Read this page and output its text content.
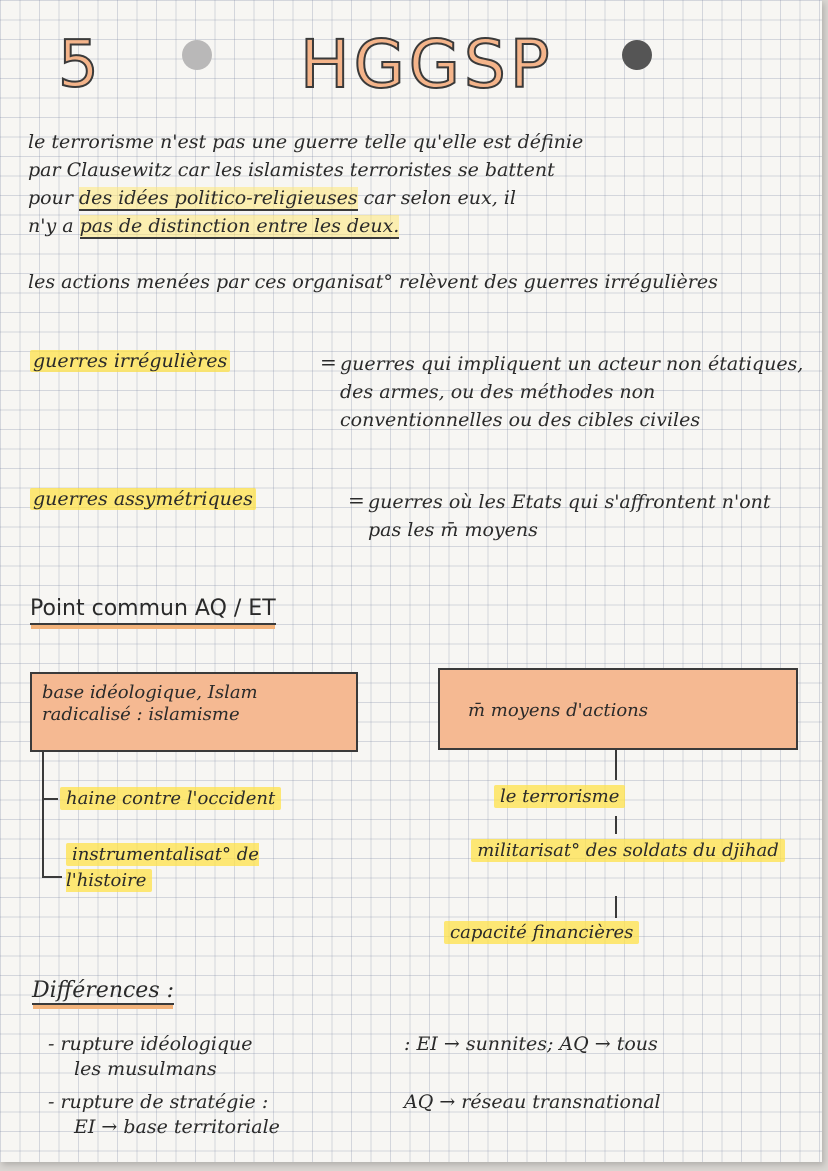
5	HGGSP
le terrorisme n'est pas une guerre telle qu'elle est définie
par Clausewitz car les islamistes terroristes se battent
pour des idées politico-religieuses car selon eux, il
n'y a pas de distinction entre les deux.
les actions menées par ces organisat° relèvent des guerres irrégulières
guerres irrégulières	= guerres qui impliquent un acteur non étatiques, des armes, ou des méthodes non conventionnelles ou des cibles civiles
guerres assymétriques	= guerres où les Etats qui s'affrontent n'ont pas les m̄ moyens
Point commun AQ / ET
base idéologique, Islam radicalisé : islamisme	m̄ moyens d'actions
haine contre l'occident
instrumentalisat° de l'histoire
le terrorisme
militarisat° des soldats du djihad
capacité financières
Différences :
- rupture idéologique	: EI → sunnites; AQ → tous
les musulmans
- rupture de stratégie :	AQ → réseau transnational
EI → base territoriale
